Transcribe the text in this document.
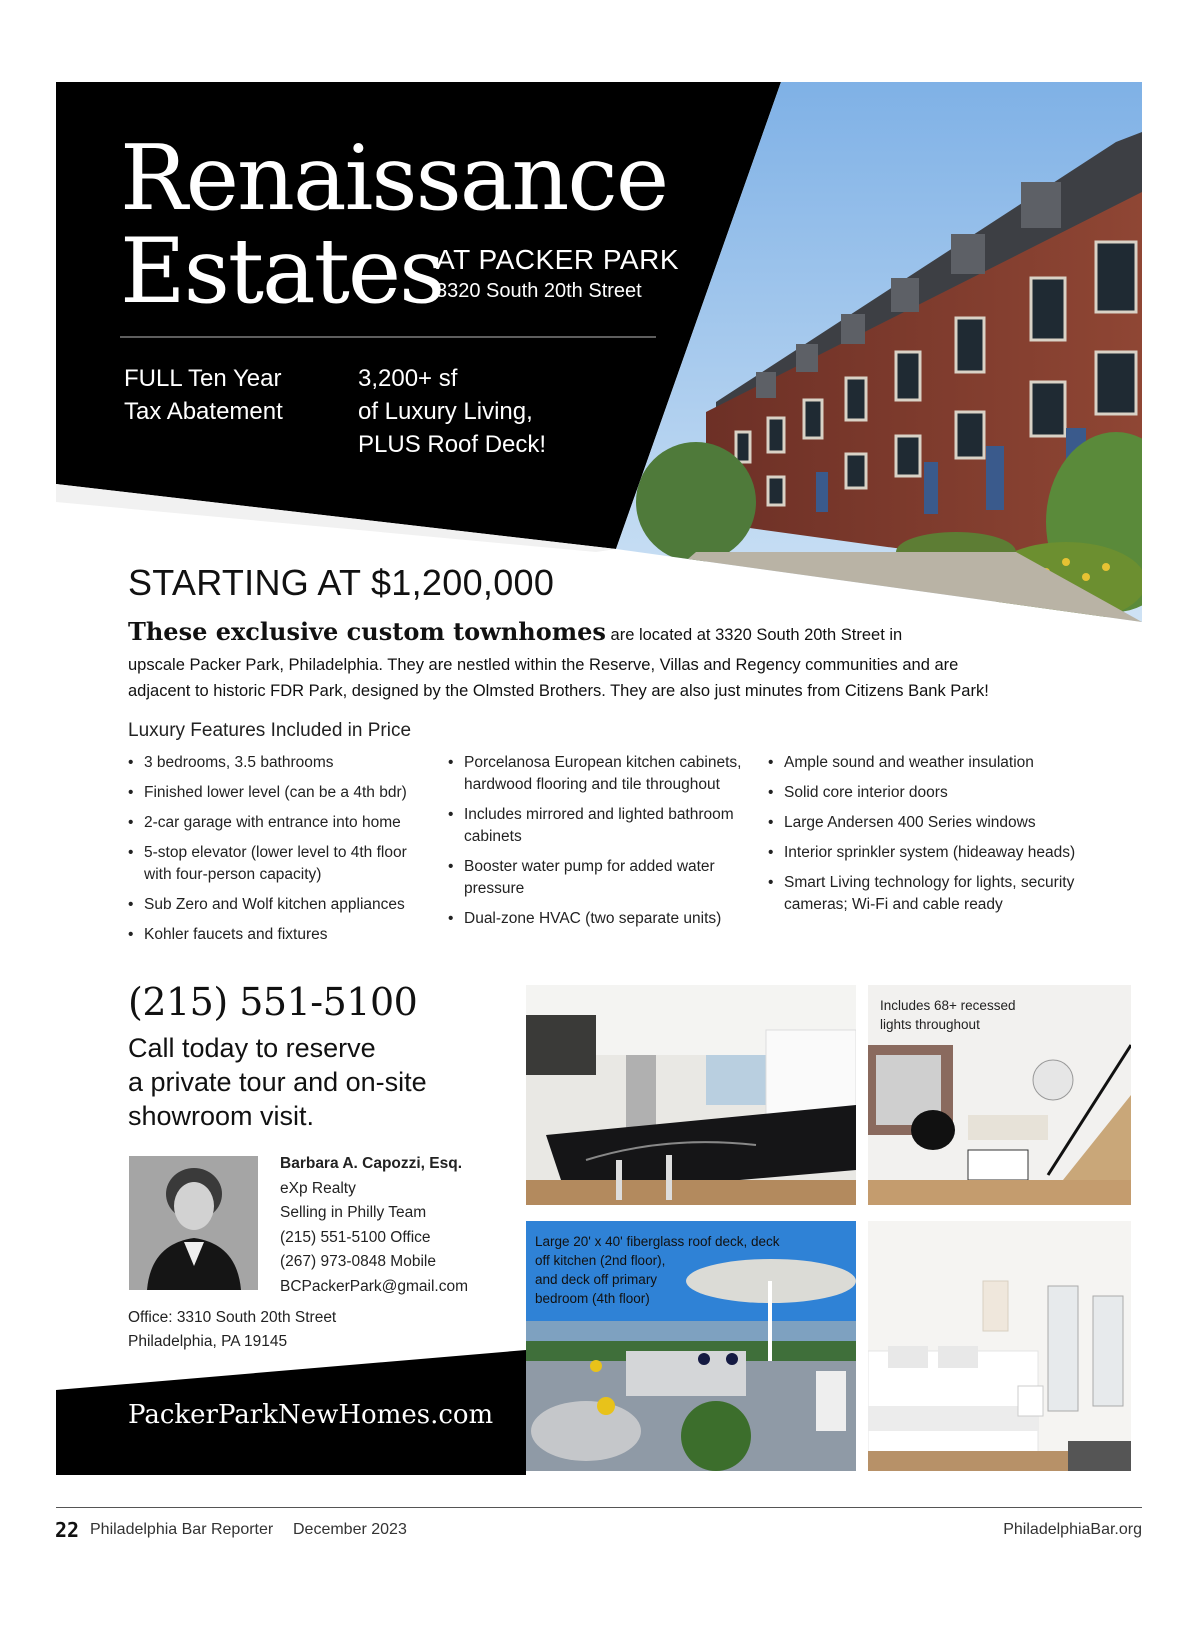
Renaissance
Estates
AT PACKER PARK
3320 South 20th Street
FULL Ten Year
Tax Abatement
3,200+ sf
of Luxury Living,
PLUS Roof Deck!
STARTING AT $1,200,000
These exclusive custom townhomes are located at 3320 South 20th Street in
upscale Packer Park, Philadelphia. They are nestled within the Reserve, Villas and Regency communities and are
adjacent to historic FDR Park, designed by the Olmsted Brothers. They are also just minutes from Citizens Bank Park!
Luxury Features Included in Price
• 3 bedrooms, 3.5 bathrooms
• Finished lower level (can be a 4th bdr)
• 2-car garage with entrance into home
• 5-stop elevator (lower level to 4th floor with four-person capacity)
• Sub Zero and Wolf kitchen appliances
• Kohler faucets and fixtures
• Porcelanosa European kitchen cabinets, hardwood flooring and tile throughout
• Includes mirrored and lighted bathroom cabinets
• Booster water pump for added water pressure
• Dual-zone HVAC (two separate units)
• Ample sound and weather insulation
• Solid core interior doors
• Large Andersen 400 Series windows
• Interior sprinkler system (hideaway heads)
• Smart Living technology for lights, security cameras; Wi-Fi and cable ready
(215) 551-5100
Call today to reserve
a private tour and on-site
showroom visit.
Barbara A. Capozzi, Esq.
eXp Realty
Selling in Philly Team
(215) 551-5100 Office
(267) 973-0848 Mobile
BCPackerPark@gmail.com
Office: 3310 South 20th Street
Philadelphia, PA 19145
PackerParkNewHomes.com
Includes 68+ recessed
lights throughout
Large 20' x 40' fiberglass roof deck, deck
off kitchen (2nd floor),
and deck off primary
bedroom (4th floor)
22 Philadelphia Bar Reporter December 2023	PhiladelphiaBar.org
